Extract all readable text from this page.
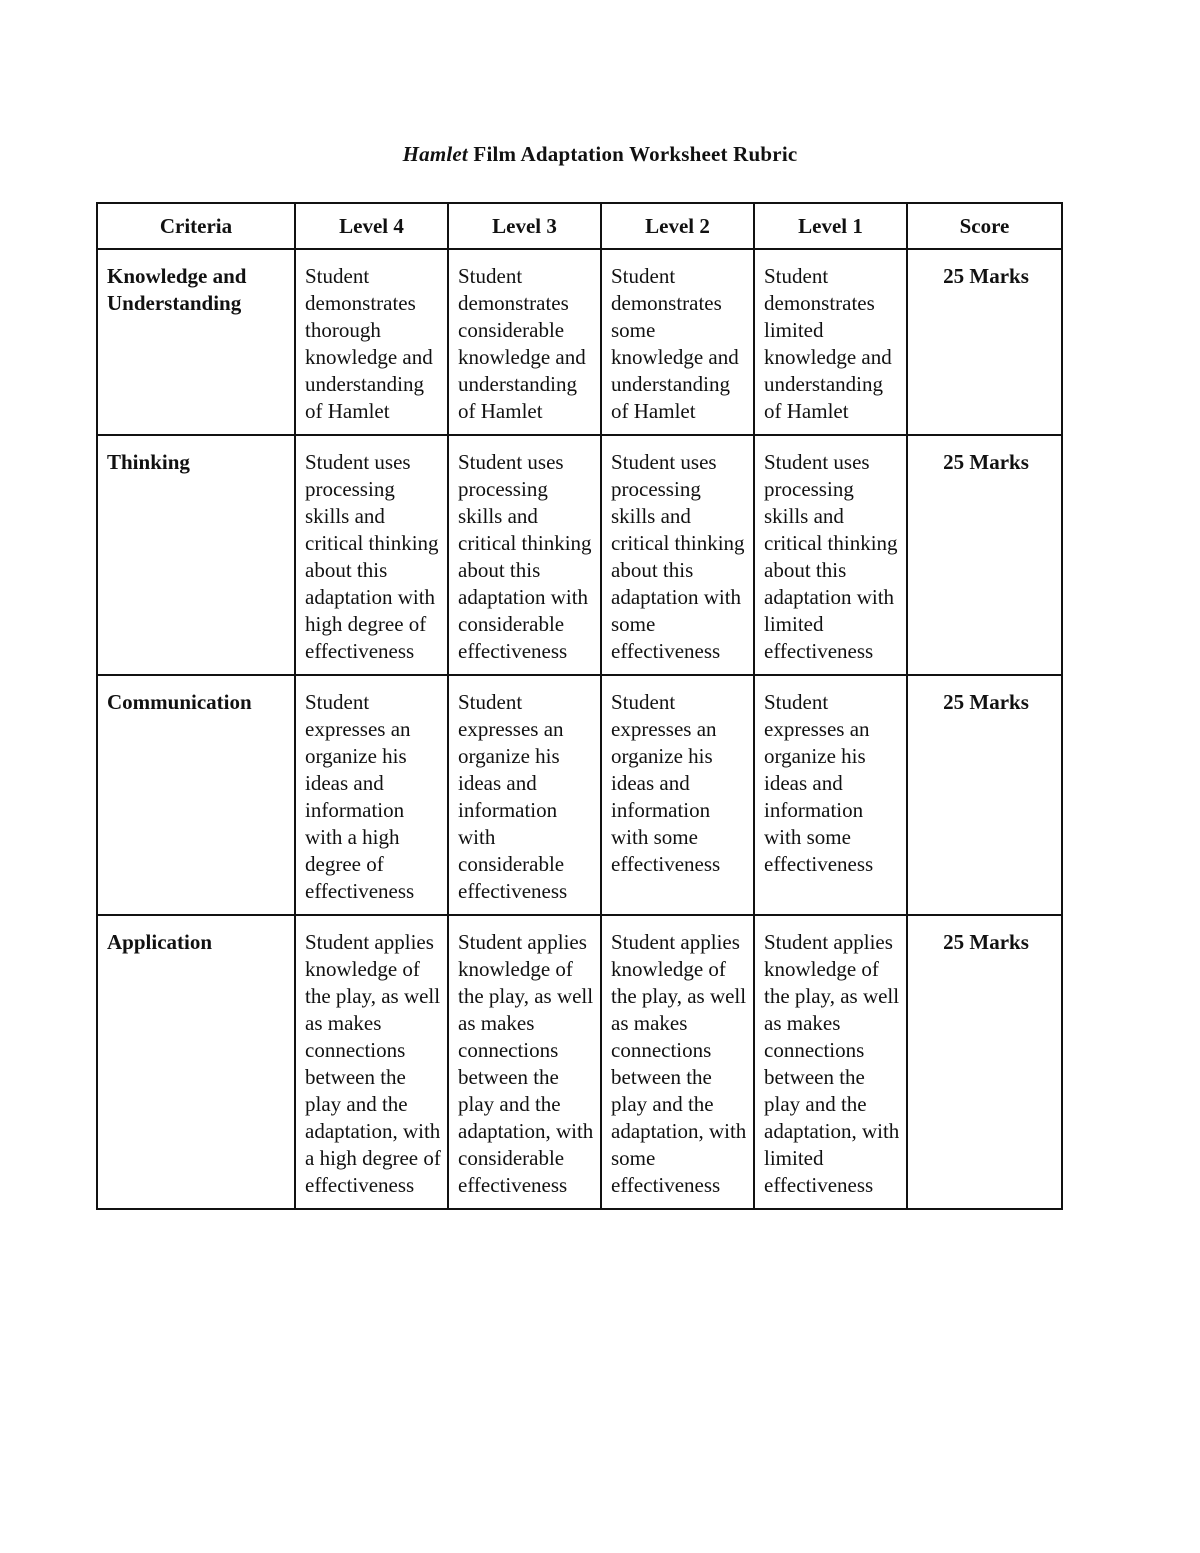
Hamlet Film Adaptation Worksheet Rubric
Criteria	Level 4	Level 3	Level 2	Level 1	Score
Knowledge and Understanding	Student demonstrates thorough knowledge and understanding of Hamlet	Student demonstrates considerable knowledge and understanding of Hamlet	Student demonstrates some knowledge and understanding of Hamlet	Student demonstrates limited knowledge and understanding of Hamlet	25 Marks
Thinking	Student uses processing skills and critical thinking about this adaptation with high degree of effectiveness	Student uses processing skills and critical thinking about this adaptation with considerable effectiveness	Student uses processing skills and critical thinking about this adaptation with some effectiveness	Student uses processing skills and critical thinking about this adaptation with limited effectiveness	25 Marks
Communication	Student expresses an organize his ideas and information with a high degree of effectiveness	Student expresses an organize his ideas and information with considerable effectiveness	Student expresses an organize his ideas and information with some effectiveness	Student expresses an organize his ideas and information with some effectiveness	25 Marks
Application	Student applies knowledge of the play, as well as makes connections between the play and the adaptation, with a high degree of effectiveness	Student applies knowledge of the play, as well as makes connections between the play and the adaptation, with considerable effectiveness	Student applies knowledge of the play, as well as makes connections between the play and the adaptation, with some effectiveness	Student applies knowledge of the play, as well as makes connections between the play and the adaptation, with limited effectiveness	25 Marks
